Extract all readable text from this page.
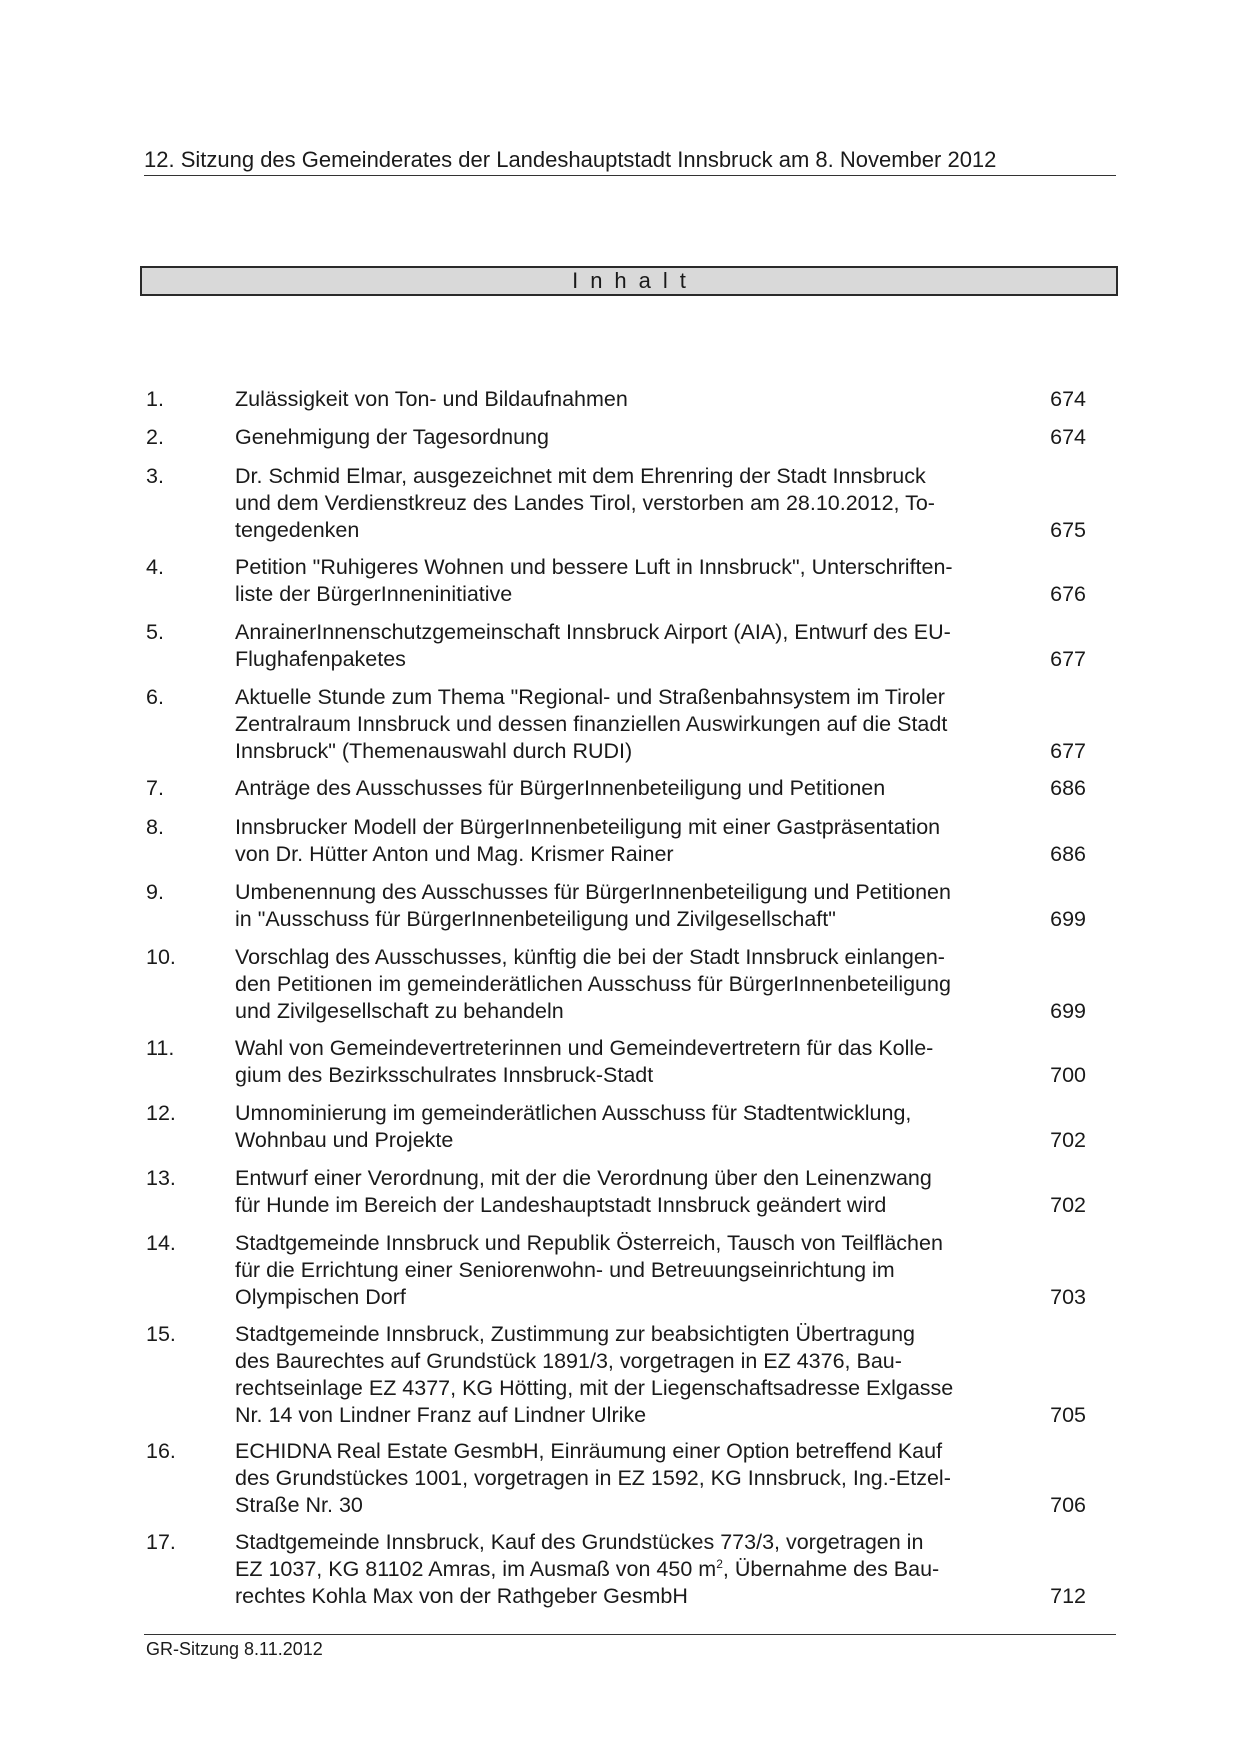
12. Sitzung des Gemeinderates der Landeshauptstadt Innsbruck am 8. November 2012
Inhalt
1.	Zulässigkeit von Ton- und Bildaufnahmen	674
2.	Genehmigung der Tagesordnung	674
3.	Dr. Schmid Elmar, ausgezeichnet mit dem Ehrenring der Stadt Innsbruck
und dem Verdienstkreuz des Landes Tirol, verstorben am 28.10.2012, To-
tengedenken	675
4.	Petition "Ruhigeres Wohnen und bessere Luft in Innsbruck", Unterschriften-
liste der BürgerInneninitiative	676
5.	AnrainerInnenschutzgemeinschaft Innsbruck Airport (AIA), Entwurf des EU-
Flughafenpaketes	677
6.	Aktuelle Stunde zum Thema "Regional- und Straßenbahnsystem im Tiroler
Zentralraum Innsbruck und dessen finanziellen Auswirkungen auf die Stadt
Innsbruck" (Themenauswahl durch RUDI)	677
7.	Anträge des Ausschusses für BürgerInnenbeteiligung und Petitionen	686
8.	Innsbrucker Modell der BürgerInnenbeteiligung mit einer Gastpräsentation
von Dr. Hütter Anton und Mag. Krismer Rainer	686
9.	Umbenennung des Ausschusses für BürgerInnenbeteiligung und Petitionen
in "Ausschuss für BürgerInnenbeteiligung und Zivilgesellschaft"	699
10.	Vorschlag des Ausschusses, künftig die bei der Stadt Innsbruck einlangen-
den Petitionen im gemeinderätlichen Ausschuss für BürgerInnenbeteiligung
und Zivilgesellschaft zu behandeln	699
11.	Wahl von Gemeindevertreterinnen und Gemeindevertretern für das Kolle-
gium des Bezirksschulrates Innsbruck-Stadt	700
12.	Umnominierung im gemeinderätlichen Ausschuss für Stadtentwicklung,
Wohnbau und Projekte	702
13.	Entwurf einer Verordnung, mit der die Verordnung über den Leinenzwang
für Hunde im Bereich der Landeshauptstadt Innsbruck geändert wird	702
14.	Stadtgemeinde Innsbruck und Republik Österreich, Tausch von Teilflächen
für die Errichtung einer Seniorenwohn- und Betreuungseinrichtung im
Olympischen Dorf	703
15.	Stadtgemeinde Innsbruck, Zustimmung zur beabsichtigten Übertragung
des Baurechtes auf Grundstück 1891/3, vorgetragen in EZ 4376, Bau-
rechtseinlage EZ 4377, KG Hötting, mit der Liegenschaftsadresse Exlgasse
Nr. 14 von Lindner Franz auf Lindner Ulrike	705
16.	ECHIDNA Real Estate GesmbH, Einräumung einer Option betreffend Kauf
des Grundstückes 1001, vorgetragen in EZ 1592, KG Innsbruck, Ing.-Etzel-
Straße Nr. 30	706
17.	Stadtgemeinde Innsbruck, Kauf des Grundstückes 773/3, vorgetragen in
EZ 1037, KG 81102 Amras, im Ausmaß von 450 $m^2$, Übernahme des Bau-
rechtes Kohla Max von der Rathgeber GesmbH	712
GR-Sitzung 8.11.2012
